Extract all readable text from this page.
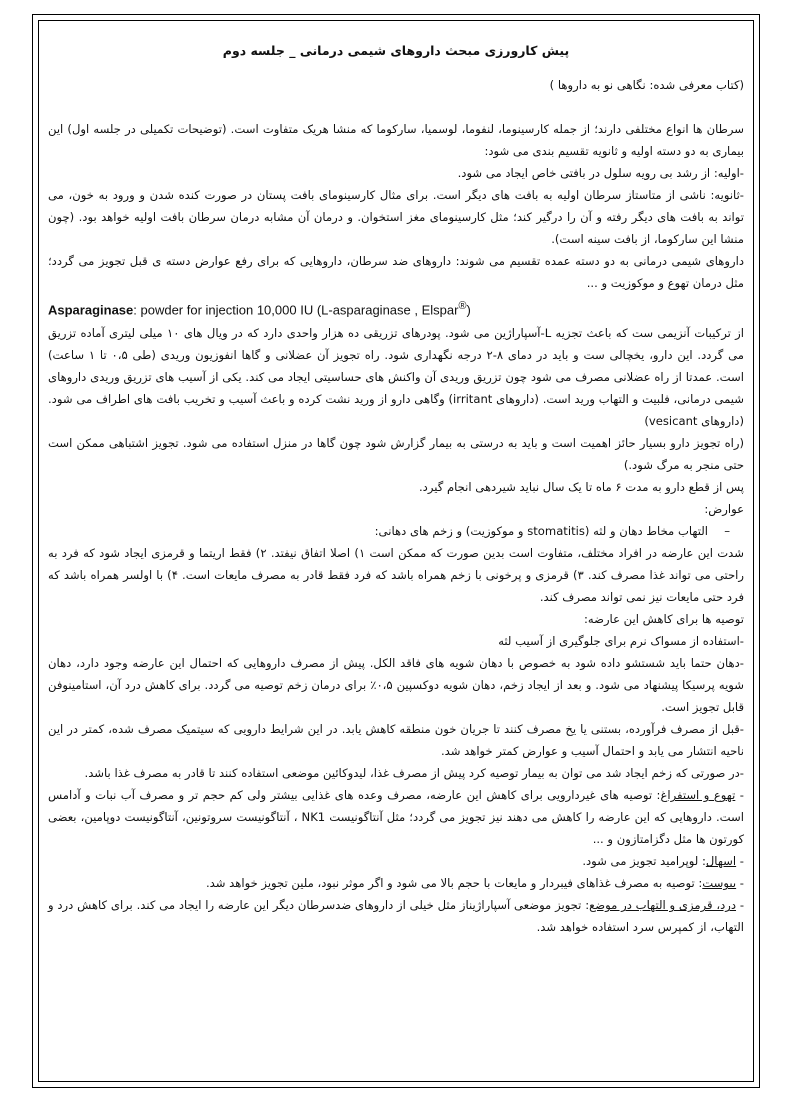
پیش کارورزی مبحث داروهای شیمی درمانی _ جلسه دوم

(کتاب معرفی شده: نگاهی نو به داروها )

سرطان ها انواع مختلفی دارند؛ از جمله کارسینوما، لنفوما، لوسمیا، سارکوما که منشا هریک متفاوت است. (توضیحات تکمیلی در جلسه اول) این بیماری به دو دسته اولیه و ثانویه تقسیم بندی می شود:

-اولیه: از رشد بی رویه سلول در بافتی خاص ایجاد می شود.

-ثانویه: ناشی از متاستاز سرطان اولیه به بافت های دیگر است. برای مثال کارسینومای بافت پستان در صورت کنده شدن و ورود به خون، می تواند به بافت های دیگر رفته و آن را درگیر کند؛ مثل کارسینومای مغز استخوان. و درمان آن مشابه درمان سرطان بافت اولیه خواهد بود. (چون منشا این سارکوما، از بافت سینه است).

داروهای شیمی درمانی به دو دسته عمده تقسیم می شوند: داروهای ضد سرطان، داروهایی که برای رفع عوارض دسته ی قبل تجویز می گردد؛ مثل درمان تهوع و موکوزیت و ...

Asparaginase: powder for injection 10,000 IU (L-asparaginase , Elspar®)

از ترکیبات آنزیمی ست که باعث تجزیه L-آسپاراژین می شود. پودرهای تزریقی ده هزار واحدی دارد که در ویال های ۱۰ میلی لیتری آماده تزریق می گردد. این دارو، یخچالی ست و باید در دمای ۸-۲ درجه نگهداری شود. راه تجویز آن عضلانی و گاها انفوزیون وریدی (طی ۰،۵ تا ۱ ساعت) است. عمدتا از راه عضلانی مصرف می شود چون تزریق وریدی آن واکنش های حساسیتی ایجاد می کند. یکی از آسیب های تزریق وریدی داروهای شیمی درمانی، فلبیت و التهاب ورید است. (داروهای irritant) وگاهی دارو از ورید نشت کرده و باعث آسیب و تخریب بافت های اطراف می شود. (داروهای vesicant)

(راه تجویز دارو بسیار حائز اهمیت است و باید به درستی به بیمار گزارش شود چون گاها در منزل استفاده می شود. تجویز اشتباهی ممکن است حتی منجر به مرگ شود.)

پس از قطع دارو به مدت ۶ ماه تا یک سال نباید شیردهی انجام گیرد.

عوارض:

–
التهاب مخاط دهان و لثه (stomatitis و موکوزیت) و زخم های دهانی:

شدت این عارضه در افراد مختلف، متفاوت است بدین صورت که ممکن است ۱) اصلا اتفاق نیفتد. ۲) فقط اریتما و قرمزی ایجاد شود که فرد به راحتی می تواند غذا مصرف کند. ۳) قرمزی و پرخونی با زخم همراه باشد که فرد فقط قادر به مصرف مایعات است. ۴) با اولسر همراه باشد که فرد حتی مایعات نیز نمی تواند مصرف کند.

توصیه ها برای کاهش این عارضه:

-استفاده از مسواک نرم برای جلوگیری از آسیب لثه

-دهان حتما باید شستشو داده شود به خصوص با دهان شویه های فاقد الکل. پیش از مصرف داروهایی که احتمال این عارضه وجود دارد، دهان شویه پرسیکا پیشنهاد می شود. و بعد از ایجاد زخم، دهان شویه دوکسپین ۰،۵٪ برای درمان زخم توصیه می گردد. برای کاهش درد آن، استامینوفن قابل تجویز است.

-قبل از مصرف فرآورده، بستنی یا یخ مصرف کنند تا جریان خون منطقه کاهش یابد. در این شرایط دارویی که سیتمیک مصرف شده، کمتر در این ناحیه انتشار می یابد و احتمال آسیب و عوارض کمتر خواهد شد.

-در صورتی که زخم ایجاد شد می توان به بیمار توصیه کرد پیش از مصرف غذا، لیدوکائین موضعی استفاده کنند تا قادر به مصرف غذا باشد.

- تهوع و استفراغ: توصیه های غیردارویی برای کاهش این عارضه، مصرف وعده های غذایی بیشتر ولی کم حجم تر و مصرف آب نبات و آدامس است. داروهایی که این عارضه را کاهش می دهند نیز تجویز می گردد؛ مثل آنتاگونیست NK1 ، آنتاگونیست سروتونین، آنتاگونیست دوپامین، بعضی کورتون ها مثل دگزامتازون و ...

- اسهال: لوپرامید تجویز می شود.

- یبوست: توصیه به مصرف غذاهای فیبردار و مایعات با حجم بالا می شود و اگر موثر نبود، ملین تجویز خواهد شد.

- درد، قرمزی و التهاب در موضع: تجویز موضعی آسپاراژیناز مثل خیلی از داروهای ضدسرطان دیگر این عارضه را ایجاد می کند. برای کاهش درد و التهاب، از کمپرس سرد استفاده خواهد شد.
